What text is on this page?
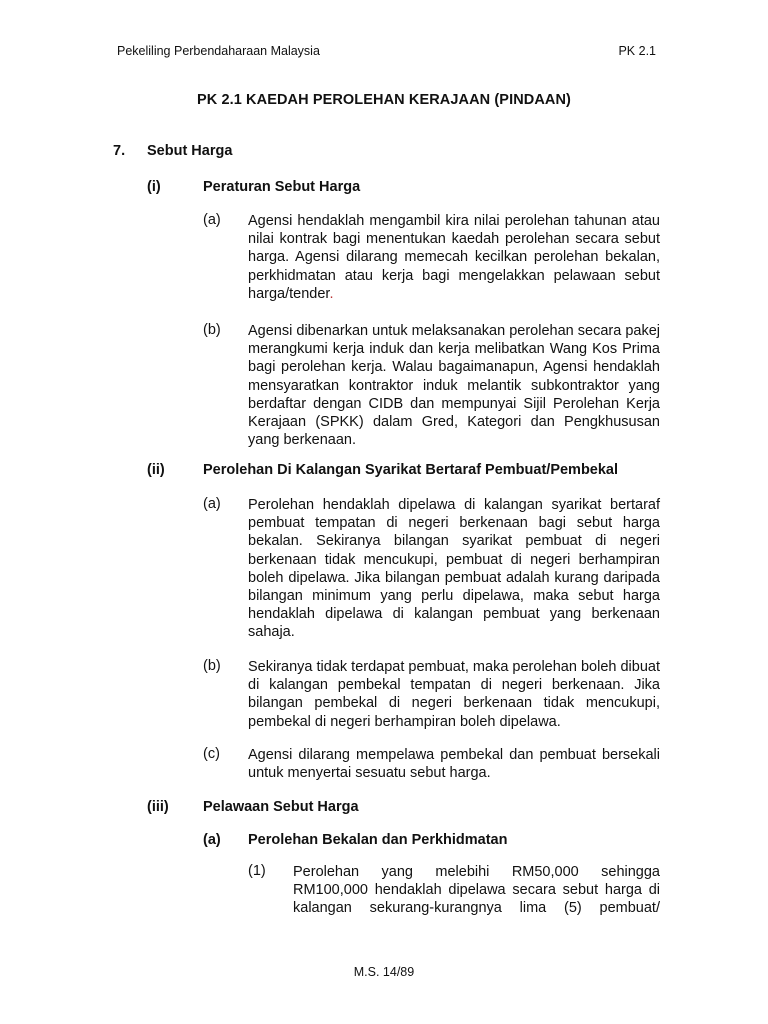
Pekeliling Perbendaharaan Malaysia	PK 2.1
PK 2.1 KAEDAH PEROLEHAN KERAJAAN (PINDAAN)
7. Sebut Harga
(i)	Peraturan Sebut Harga
(a) Agensi hendaklah mengambil kira nilai perolehan tahunan atau nilai kontrak bagi menentukan kaedah perolehan secara sebut harga. Agensi dilarang memecah kecilkan perolehan bekalan, perkhidmatan atau kerja bagi mengelakkan pelawaan sebut harga/tender.
(b) Agensi dibenarkan untuk melaksanakan perolehan secara pakej merangkumi kerja induk dan kerja melibatkan Wang Kos Prima bagi perolehan kerja. Walau bagaimanapun, Agensi hendaklah mensyaratkan kontraktor induk melantik subkontraktor yang berdaftar dengan CIDB dan mempunyai Sijil Perolehan Kerja Kerajaan (SPKK) dalam Gred, Kategori dan Pengkhususan yang berkenaan.
(ii)	Perolehan Di Kalangan Syarikat Bertaraf Pembuat/Pembekal
(a) Perolehan hendaklah dipelawa di kalangan syarikat bertaraf pembuat tempatan di negeri berkenaan bagi sebut harga bekalan. Sekiranya bilangan syarikat pembuat di negeri berkenaan tidak mencukupi, pembuat di negeri berhampiran boleh dipelawa. Jika bilangan pembuat adalah kurang daripada bilangan minimum yang perlu dipelawa, maka sebut harga hendaklah dipelawa di kalangan pembuat yang berkenaan sahaja.
(b) Sekiranya tidak terdapat pembuat, maka perolehan boleh dibuat di kalangan pembekal tempatan di negeri berkenaan. Jika bilangan pembekal di negeri berkenaan tidak mencukupi, pembekal di negeri berhampiran boleh dipelawa.
(c) Agensi dilarang mempelawa pembekal dan pembuat bersekali untuk menyertai sesuatu sebut harga.
(iii) Pelawaan Sebut Harga
(a) Perolehan Bekalan dan Perkhidmatan
(1) Perolehan yang melebihi RM50,000 sehingga
RM100,000 hendaklah dipelawa secara sebut harga di
kalangan sekurang-kurangnya lima (5) pembuat/
M.S. 14/89
